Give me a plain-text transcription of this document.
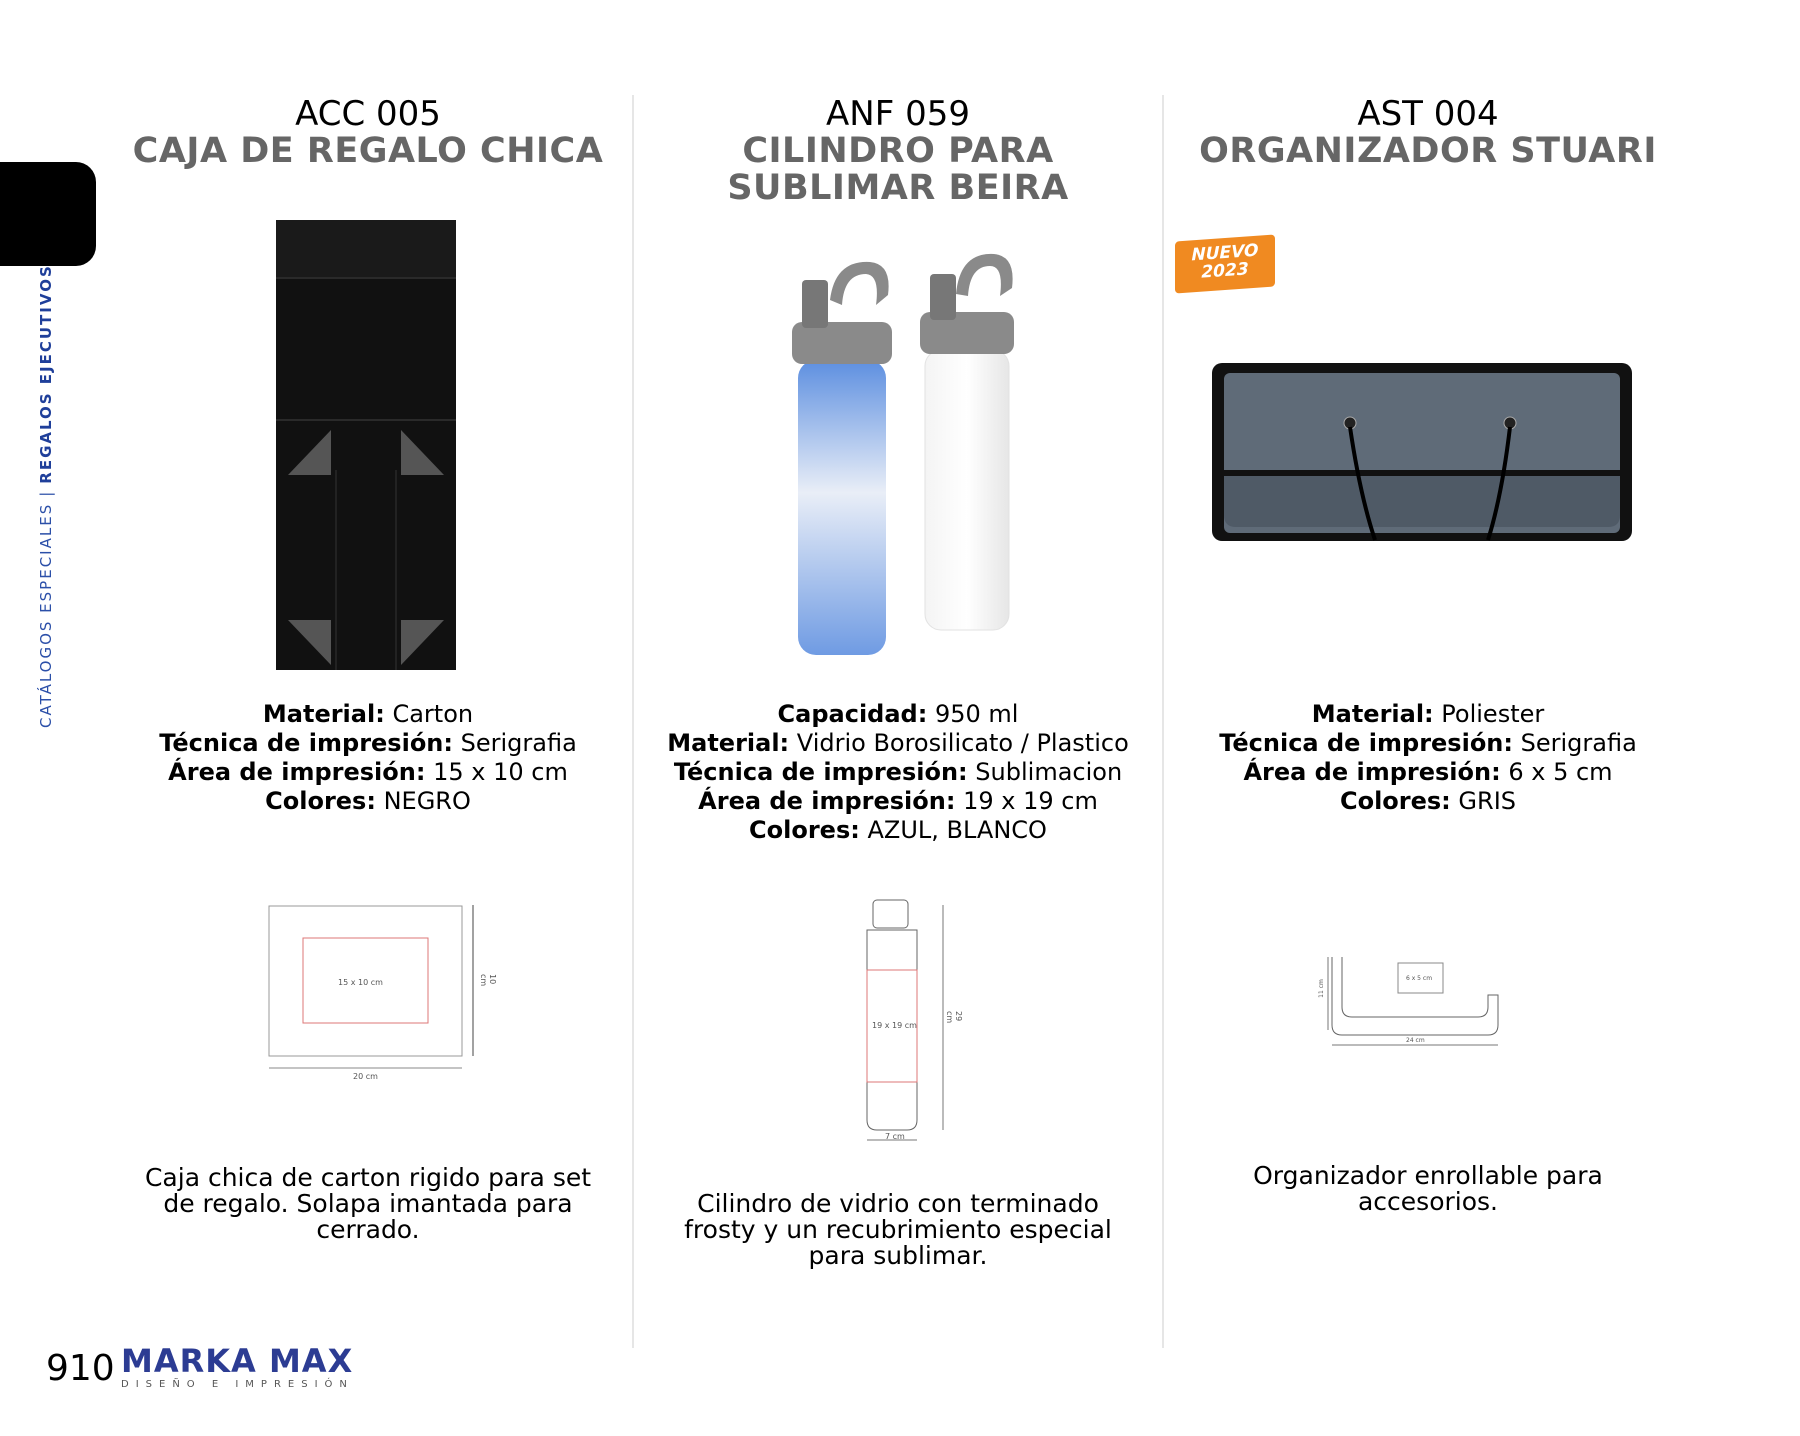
CATÁLOGOS ESPECIALES|REGALOS EJECUTIVOS
ACC 005
CAJA DE REGALO CHICA
Material: Carton
Técnica de impresión: Serigrafia
Área de impresión: 15 x 10 cm
Colores: NEGRO
Caja chica de carton rigido para set
de regalo. Solapa imantada para
cerrado.
15 x 10 cm	10 cm
20 cm
ANF 059
CILINDRO PARA
SUBLIMAR BEIRA
Capacidad: 950 ml
Material: Vidrio Borosilicato / Plastico
Técnica de impresión: Sublimacion
Área de impresión: 19 x 19 cm
Colores: AZUL, BLANCO
Cilindro de vidrio con terminado
frosty y un recubrimiento especial
para sublimar.
19 x 19 cm
29 cm
7 cm
AST 004
ORGANIZADOR STUARI
Material: Poliester
Técnica de impresión: Serigrafia
Área de impresión: 6 x 5 cm
Colores: GRIS
Organizador enrollable para
accesorios.
NUEVO
2023
6 x 5 cm
11 cm
24 cm
910 MARKA MAX
DISEÑO E IMPRESIÓN
